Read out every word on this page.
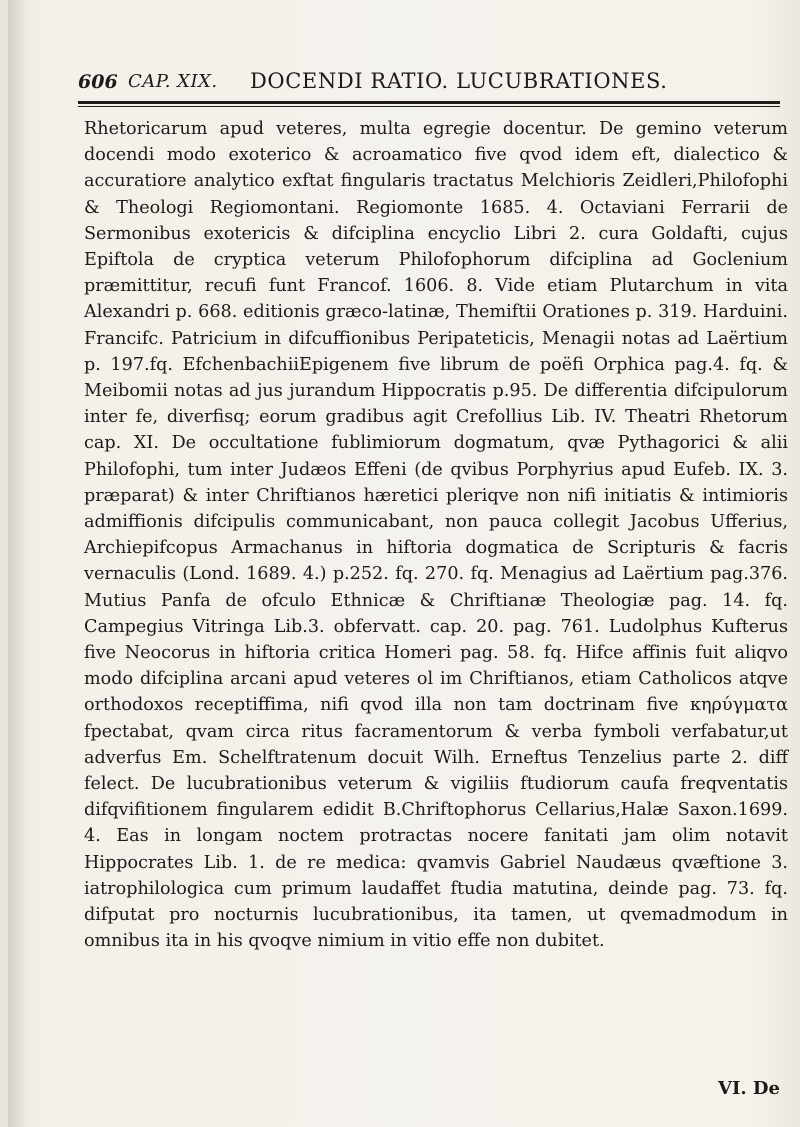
606 CAP. XIX. DOCENDI RATIO. LUCUBRATIONES.

Rhetoricarum apud veteres, multa egregie docentur. De gemino veterum docendi modo exoterico & acroamatico five qvod idem eft, dialectico & accuratiore analytico exftat fingularis tractatus Melchioris Zeidleri,Philofophi & Theologi Regiomontani. Regiomonte 1685. 4. Octaviani Ferrarii de Sermonibus exotericis & difciplina encyclio Libri 2. cura Goldafti, cujus Epiftola de cryptica veterum Philofophorum difciplina ad Goclenium præmittitur, recufi funt Francof. 1606. 8. Vide etiam Plutarchum in vita Alexandri p. 668. editionis græco-latinæ, Themiftii Orationes p. 319. Harduini. Francifc. Patricium in difcuffionibus Peripateticis, Menagii notas ad Laërtium p. 197.fq. EfchenbachiiEpigenem five librum de poëfi Orphica pag.4. fq. & Meibomii notas ad jus jurandum Hippocratis p.95. De differentia difcipulorum inter fe, diverfisq; eorum gradibus agit Crefollius Lib. IV. Theatri Rhetorum cap. XI. De occultatione fublimiorum dogmatum, qvæ Pythagorici & alii Philofophi, tum inter Judæos Effeni (de qvibus Porphyrius apud Eufeb. IX. 3. præparat) & inter Chriftianos hæretici pleriqve non nifi initiatis & intimioris admiffionis difcipulis communicabant, non pauca collegit Jacobus Ufferius, Archiepifcopus Armachanus in hiftoria dogmatica de Scripturis & facris vernaculis (Lond. 1689. 4.) p.252. fq. 270. fq. Menagius ad Laërtium pag.376. Mutius Panfa de ofculo Ethnicæ & Chriftianæ Theologiæ pag. 14. fq. Campegius Vitringa Lib.3. obfervatt. cap. 20. pag. 761. Ludolphus Kufterus five Neocorus in hiftoria critica Homeri pag. 58. fq. Hifce affinis fuit aliqvo modo difciplina arcani apud veteres ol im Chriftianos, etiam Catholicos atqve orthodoxos receptiffima, nifi qvod illa non tam doctrinam five κηρύγματα fpectabat, qvam circa ritus facramentorum & verba fymboli verfabatur,ut adverfus Em. Schelftratenum docuit Wilh. Erneftus Tenzelius parte 2. diff felect. De lucubrationibus veterum & vigiliis ftudiorum caufa freqventatis difqvifitionem fingularem edidit B.Chriftophorus Cellarius,Halæ Saxon.1699. 4. Eas in longam noctem protractas nocere fanitati jam olim notavit Hippocrates Lib. 1. de re medica: qvamvis Gabriel Naudæus qvæftione 3. iatrophilologica cum primum laudaffet ftudia matutina, deinde pag. 73. fq. difputat pro nocturnis lucubrationibus, ita tamen, ut qvemadmodum in omnibus ita in his qvoqve nimium in vitio effe non dubitet.

VI. De
